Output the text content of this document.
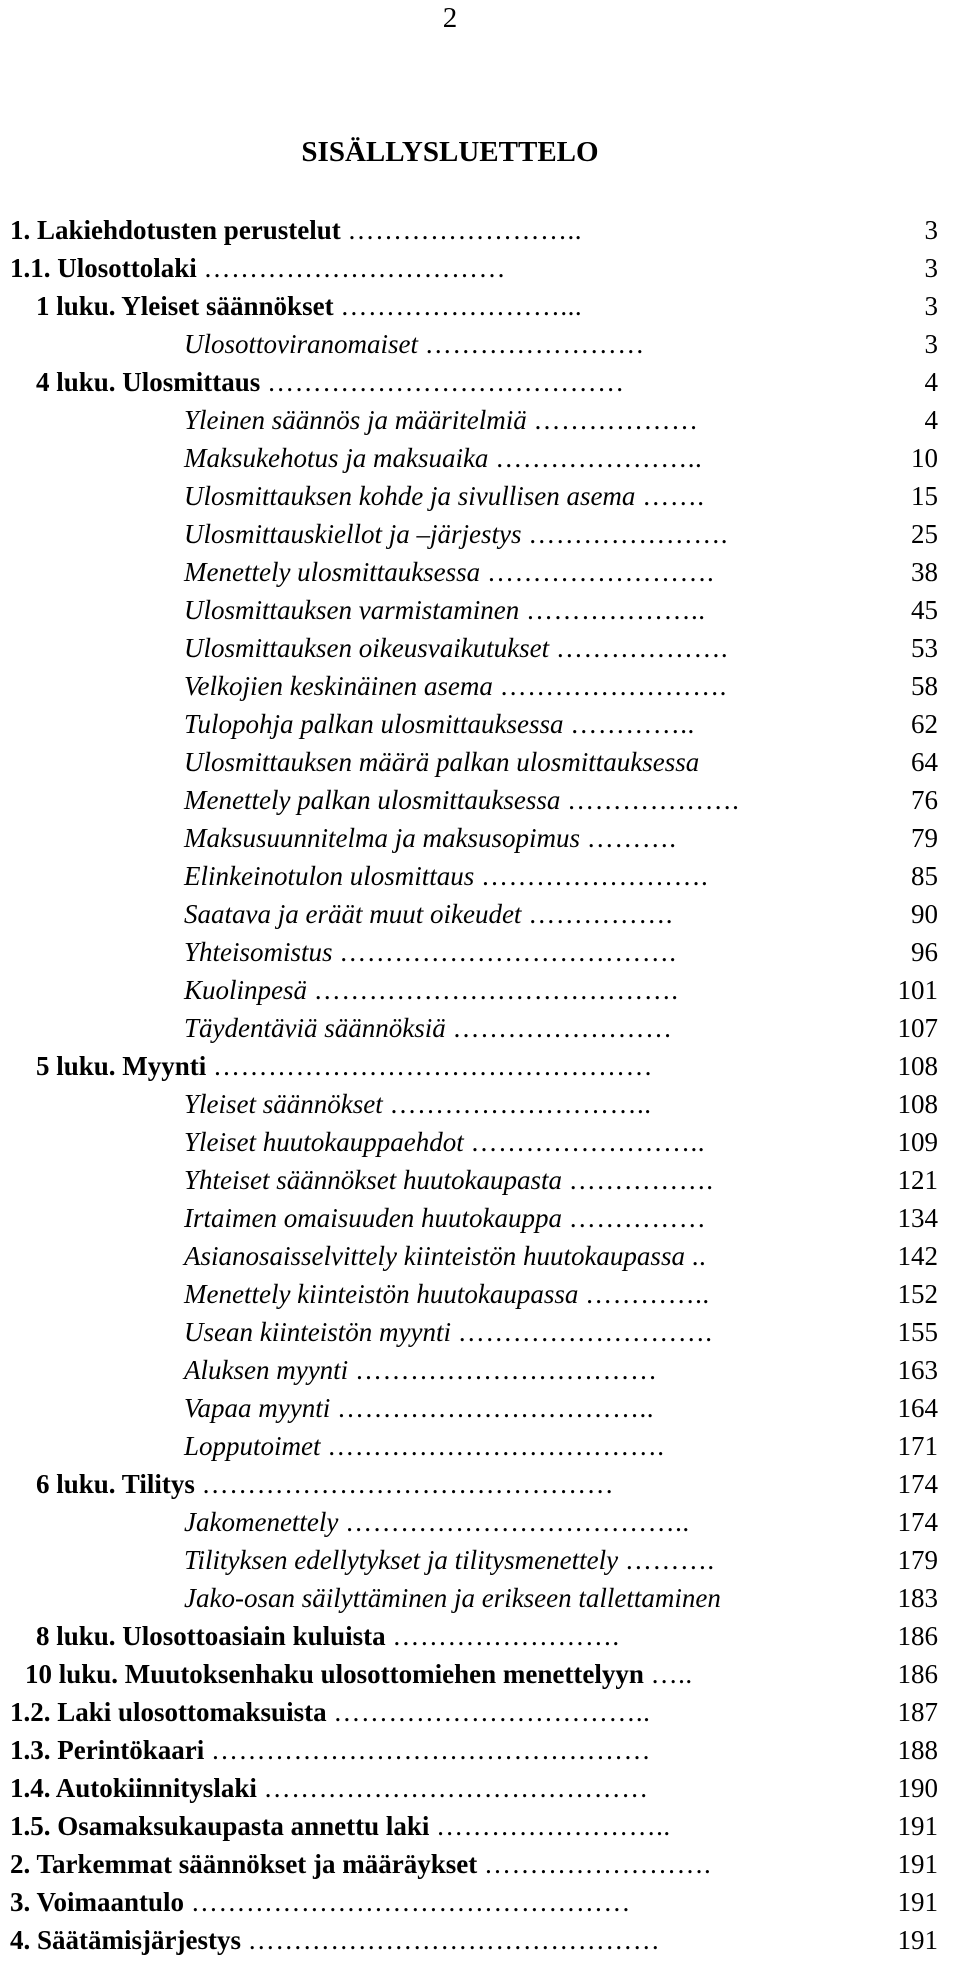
2
SISÄLLYSLUETTELO
1. Lakiehdotusten perustelut ……………………..	3
1.1. Ulosottolaki ……………………………	3
1 luku. Yleiset säännökset ……………………...	3
Ulosottoviranomaiset ……………………	3
4 luku. Ulosmittaus …………………………………	4
Yleinen säännös ja määritelmiä ………………	4
Maksukehotus ja maksuaika …………………..	10
Ulosmittauksen kohde ja sivullisen asema …….	15
Ulosmittauskiellot ja –järjestys ………………….	25
Menettely ulosmittauksessa …………………….	38
Ulosmittauksen varmistaminen ………………..	45
Ulosmittauksen oikeusvaikutukset ……………….	53
Velkojien keskinäinen asema …………………….	58
Tulopohja palkan ulosmittauksessa …………..	62
Ulosmittauksen määrä palkan ulosmittauksessa	64
Menettely palkan ulosmittauksessa ……………….	76
Maksusuunnitelma ja maksusopimus ……….	79
Elinkeinotulon ulosmittaus …………………….	85
Saatava ja eräät muut oikeudet …………….	90
Yhteisomistus ……………………………….	96
Kuolinpesä ………………………………….	101
Täydentäviä säännöksiä ……………………	107
5 luku. Myynti …………………………………………	108
Yleiset säännökset ………………………..	108
Yleiset huutokauppaehdot ……………………..	109
Yhteiset säännökset huutokaupasta …………….	121
Irtaimen omaisuuden huutokauppa ……………	134
Asianosaisselvittely kiinteistön huutokaupassa ..	142
Menettely kiinteistön huutokaupassa …………..	152
Usean kiinteistön myynti ……………………….	155
Aluksen myynti ……………………………	163
Vapaa myynti ……………………………..	164
Lopputoimet ……………………………….	171
6 luku. Tilitys ………………………………………	174
Jakomenettely ………………………………..	174
Tilityksen edellytykset ja tilitysmenettely ……….	179
Jako-osan säilyttäminen ja erikseen tallettaminen	183
8 luku. Ulosottoasiain kuluista …………………….	186
10 luku. Muutoksenhaku ulosottomiehen menettelyyn …..	186
1.2. Laki ulosottomaksuista ……………………………..	187
1.3. Perintökaari …………………………………………	188
1.4. Autokiinnityslaki ……………………………………	190
1.5. Osamaksukaupasta annettu laki ……………………..	191
2. Tarkemmat säännökset ja määräykset …………………….	191
3. Voimaantulo …………………………………………	191
4. Säätämisjärjestys ………………………………………	191
